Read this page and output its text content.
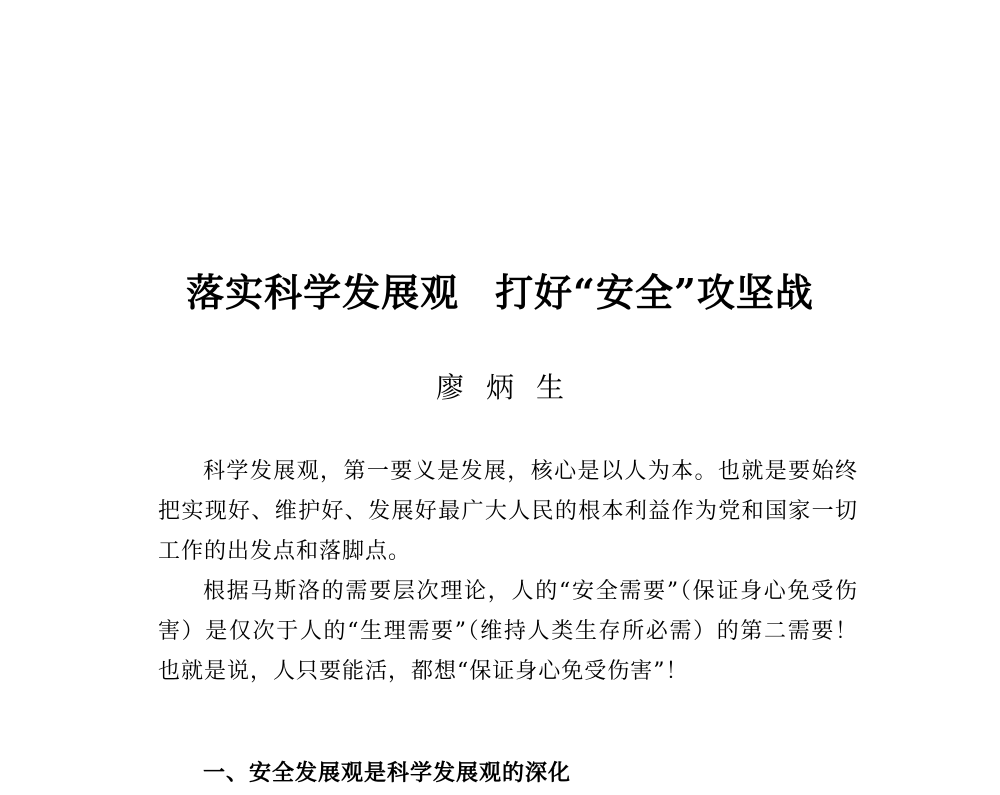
落实科学发展观 打好“安全”攻坚战
廖炳生

科学发展观，第一要义是发展，核心是以人为本。也就是要始终把实现好、维护好、发展好最广大人民的根本利益作为党和国家一切工作的出发点和落脚点。

根据马斯洛的需要层次理论，人的“安全需要”（保证身心免受伤害）是仅次于人的“生理需要”（维持人类生存所必需）的第二需要！也就是说，人只要能活，都想“保证身心免受伤害”！

一、安全发展观是科学发展观的深化
